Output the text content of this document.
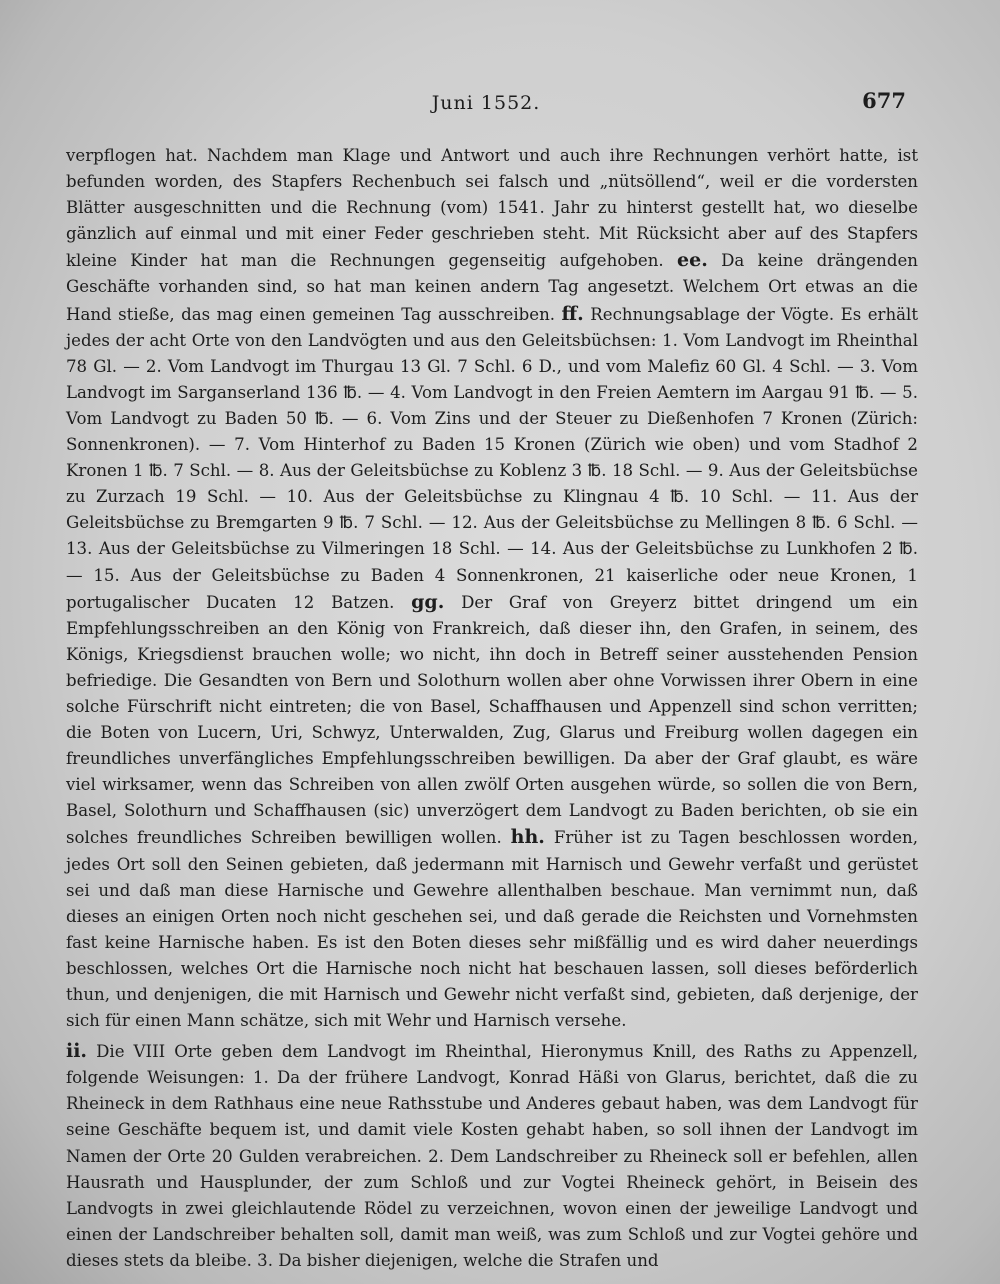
Juni 1552.	677

verpflogen hat. Nachdem man Klage und Antwort und auch ihre Rechnungen verhört hatte, ist befunden worden, des Stapfers Rechenbuch sei falsch und „nütsöllend“, weil er die vordersten Blätter ausgeschnitten und die Rechnung (vom) 1541. Jahr zu hinterst gestellt hat, wo dieselbe gänzlich auf einmal und mit einer Feder geschrieben steht. Mit Rücksicht aber auf des Stapfers kleine Kinder hat man die Rechnungen gegenseitig aufgehoben. ee. Da keine drängenden Geschäfte vorhanden sind, so hat man keinen andern Tag angesetzt. Welchem Ort etwas an die Hand stieße, das mag einen gemeinen Tag ausschreiben. ff. Rechnungsablage der Vögte. Es erhält jedes der acht Orte von den Landvögten und aus den Geleitsbüchsen: 1. Vom Landvogt im Rheinthal 78 Gl. — 2. Vom Landvogt im Thurgau 13 Gl. 7 Schl. 6 D., und vom Malefiz 60 Gl. 4 Schl. — 3. Vom Landvogt im Sarganserland 136 ℔. — 4. Vom Landvogt in den Freien Aemtern im Aargau 91 ℔. — 5. Vom Landvogt zu Baden 50 ℔. — 6. Vom Zins und der Steuer zu Dießenhofen 7 Kronen (Zürich: Sonnenkronen). — 7. Vom Hinterhof zu Baden 15 Kronen (Zürich wie oben) und vom Stadhof 2 Kronen 1 ℔. 7 Schl. — 8. Aus der Geleitsbüchse zu Koblenz 3 ℔. 18 Schl. — 9. Aus der Geleitsbüchse zu Zurzach 19 Schl. — 10. Aus der Geleitsbüchse zu Klingnau 4 ℔. 10 Schl. — 11. Aus der Geleitsbüchse zu Bremgarten 9 ℔. 7 Schl. — 12. Aus der Geleitsbüchse zu Mellingen 8 ℔. 6 Schl. — 13. Aus der Geleitsbüchse zu Vilmeringen 18 Schl. — 14. Aus der Geleitsbüchse zu Lunkhofen 2 ℔. — 15. Aus der Geleitsbüchse zu Baden 4 Sonnenkronen, 21 kaiserliche oder neue Kronen, 1 portugalischer Ducaten 12 Batzen. gg. Der Graf von Greyerz bittet dringend um ein Empfehlungsschreiben an den König von Frankreich, daß dieser ihn, den Grafen, in seinem, des Königs, Kriegsdienst brauchen wolle; wo nicht, ihn doch in Betreff seiner ausstehenden Pension befriedige. Die Gesandten von Bern und Solothurn wollen aber ohne Vorwissen ihrer Obern in eine solche Fürschrift nicht eintreten; die von Basel, Schaffhausen und Appenzell sind schon verritten; die Boten von Lucern, Uri, Schwyz, Unterwalden, Zug, Glarus und Freiburg wollen dagegen ein freundliches unverfängliches Empfehlungsschreiben bewilligen. Da aber der Graf glaubt, es wäre viel wirksamer, wenn das Schreiben von allen zwölf Orten ausgehen würde, so sollen die von Bern, Basel, Solothurn und Schaffhausen (sic) unverzögert dem Landvogt zu Baden berichten, ob sie ein solches freundliches Schreiben bewilligen wollen. hh. Früher ist zu Tagen beschlossen worden, jedes Ort soll den Seinen gebieten, daß jedermann mit Harnisch und Gewehr verfaßt und gerüstet sei und daß man diese Harnische und Gewehre allenthalben beschaue. Man vernimmt nun, daß dieses an einigen Orten noch nicht geschehen sei, und daß gerade die Reichsten und Vornehmsten fast keine Harnische haben. Es ist den Boten dieses sehr mißfällig und es wird daher neuerdings beschlossen, welches Ort die Harnische noch nicht hat beschauen lassen, soll dieses beförderlich thun, und denjenigen, die mit Harnisch und Gewehr nicht verfaßt sind, gebieten, daß derjenige, der sich für einen Mann schätze, sich mit Wehr und Harnisch versehe.

ii. Die VIII Orte geben dem Landvogt im Rheinthal, Hieronymus Knill, des Raths zu Appenzell, folgende Weisungen: 1. Da der frühere Landvogt, Konrad Häßi von Glarus, berichtet, daß die zu Rheineck in dem Rathhaus eine neue Rathsstube und Anderes gebaut haben, was dem Landvogt für seine Geschäfte bequem ist, und damit viele Kosten gehabt haben, so soll ihnen der Landvogt im Namen der Orte 20 Gulden verabreichen. 2. Dem Landschreiber zu Rheineck soll er befehlen, allen Hausrath und Hausplunder, der zum Schloß und zur Vogtei Rheineck gehört, in Beisein des Landvogts in zwei gleichlautende Rödel zu verzeichnen, wovon einen der jeweilige Landvogt und einen der Landschreiber behalten soll, damit man weiß, was zum Schloß und zur Vogtei gehöre und dieses stets da bleibe. 3. Da bisher diejenigen, welche die Strafen und
